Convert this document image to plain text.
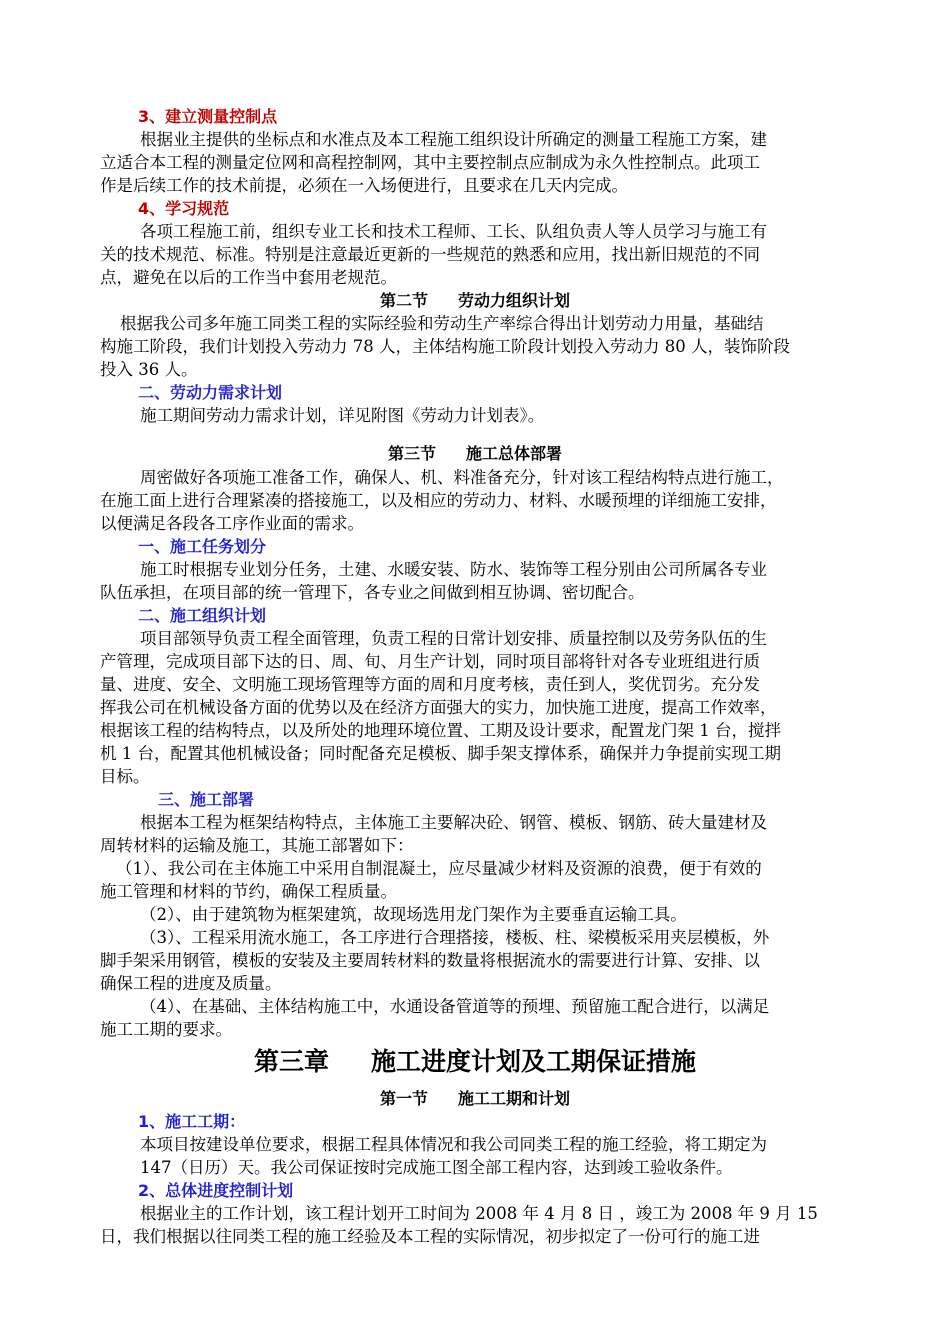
3、建立测量控制点
根据业主提供的坐标点和水准点及本工程施工组织设计所确定的测量工程施工方案，建
立适合本工程的测量定位网和高程控制网，其中主要控制点应制成为永久性控制点。此项工
作是后续工作的技术前提，必须在一入场便进行，且要求在几天内完成。
4、学习规范
各项工程施工前，组织专业工长和技术工程师、工长、队组负责人等人员学习与施工有
关的技术规范、标准。特别是注意最近更新的一些规范的熟悉和应用，找出新旧规范的不同
点，避免在以后的工作当中套用老规范。
第二节 劳动力组织计划
根据我公司多年施工同类工程的实际经验和劳动生产率综合得出计划劳动力用量，基础结
构施工阶段，我们计划投入劳动力 78 人，主体结构施工阶段计划投入劳动力 80 人，装饰阶段
投入 36 人。
二、劳动力需求计划
施工期间劳动力需求计划，详见附图《劳动力计划表》。
第三节 施工总体部署
周密做好各项施工准备工作，确保人、机、料准备充分，针对该工程结构特点进行施工，
在施工面上进行合理紧凑的搭接施工，以及相应的劳动力、材料、水暖预埋的详细施工安排，
以便满足各段各工序作业面的需求。
一、施工任务划分
施工时根据专业划分任务，土建、水暖安装、防水、装饰等工程分别由公司所属各专业
队伍承担，在项目部的统一管理下，各专业之间做到相互协调、密切配合。
二、施工组织计划
项目部领导负责工程全面管理，负责工程的日常计划安排、质量控制以及劳务队伍的生
产管理，完成项目部下达的日、周、旬、月生产计划，同时项目部将针对各专业班组进行质
量、进度、安全、文明施工现场管理等方面的周和月度考核，责任到人，奖优罚劣。充分发
挥我公司在机械设备方面的优势以及在经济方面强大的实力，加快施工进度，提高工作效率，
根据该工程的结构特点，以及所处的地理环境位置、工期及设计要求，配置龙门架 1 台，搅拌
机 1 台，配置其他机械设备；同时配备充足模板、脚手架支撑体系，确保并力争提前实现工期
目标。
三、施工部署
根据本工程为框架结构特点，主体施工主要解决砼、钢管、模板、钢筋、砖大量建材及
周转材料的运输及施工，其施工部署如下：
（1）、我公司在主体施工中采用自制混凝土，应尽量减少材料及资源的浪费，便于有效的
施工管理和材料的节约，确保工程质量。
（2）、由于建筑物为框架建筑，故现场选用龙门架作为主要垂直运输工具。
（3）、工程采用流水施工，各工序进行合理搭接，楼板、柱、梁模板采用夹层模板，外
脚手架采用钢管，模板的安装及主要周转材料的数量将根据流水的需要进行计算、安排、以
确保工程的进度及质量。
（4）、在基础、主体结构施工中，水通设备管道等的预埋、预留施工配合进行，以满足
施工工期的要求。
第三章 施工进度计划及工期保证措施
第一节 施工工期和计划
1、施工工期：
本项目按建设单位要求，根据工程具体情况和我公司同类工程的施工经验，将工期定为
147（日历）天。我公司保证按时完成施工图全部工程内容，达到竣工验收条件。
2、总体进度控制计划
根据业主的工作计划，该工程计划开工时间为 2008 年 4 月 8 日 ，竣工为 2008 年 9 月 15
日，我们根据以往同类工程的施工经验及本工程的实际情况，初步拟定了一份可行的施工进
